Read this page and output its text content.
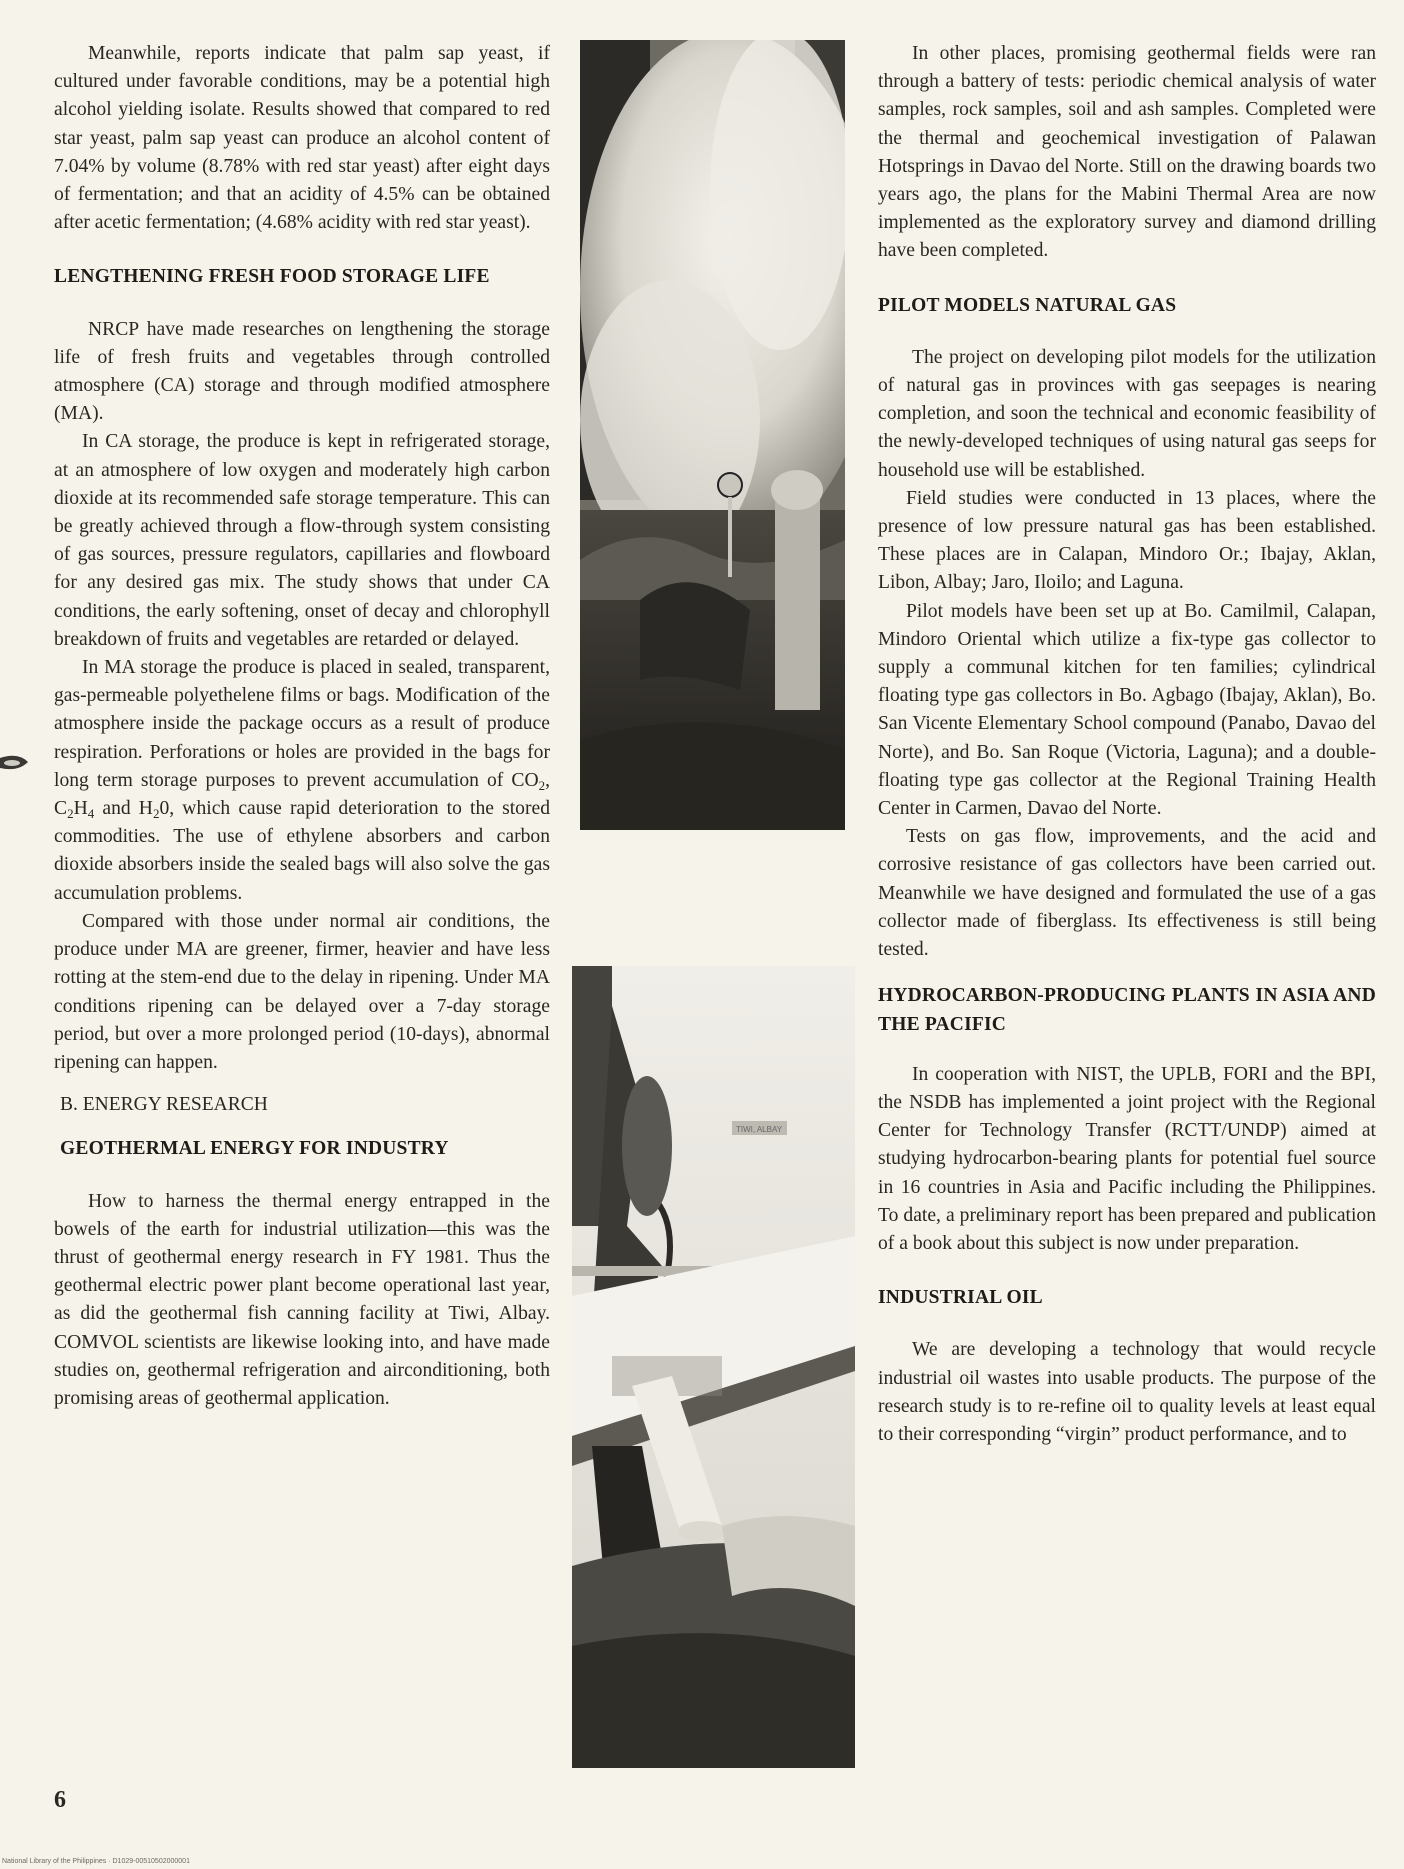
Meanwhile, reports indicate that palm sap yeast, if cultured under favorable conditions, may be a potential high alcohol yielding isolate. Results showed that compared to red star yeast, palm sap yeast can produce an alcohol content of 7.04% by volume (8.78% with red star yeast) after eight days of fermentation; and that an acidity of 4.5% can be obtained after acetic fermentation; (4.68% acidity with red star yeast).

LENGTHENING FRESH FOOD STORAGE LIFE

NRCP have made researches on lengthening the storage life of fresh fruits and vegetables through controlled atmosphere (CA) storage and through modified atmosphere (MA).

In CA storage, the produce is kept in refrigerated storage, at an atmosphere of low oxygen and moderately high carbon dioxide at its recommended safe storage temperature. This can be greatly achieved through a flow-through system consisting of gas sources, pressure regulators, capillaries and flowboard for any desired gas mix. The study shows that under CA conditions, the early softening, onset of decay and chlorophyll breakdown of fruits and vegetables are retarded or delayed.

In MA storage the produce is placed in sealed, transparent, gas-permeable polyethelene films or bags. Modification of the atmosphere inside the package occurs as a result of produce respiration. Perforations or holes are provided in the bags for long term storage purposes to prevent accumulation of $CO_2$, $C_2H_4$ and $H_20$, which cause rapid deterioration to the stored commodities. The use of ethylene absorbers and carbon dioxide absorbers inside the sealed bags will also solve the gas accumulation problems.

Compared with those under normal air conditions, the produce under MA are greener, firmer, heavier and have less rotting at the stem-end due to the delay in ripening. Under MA conditions ripening can be delayed over a 7-day storage period, but over a more prolonged period (10-days), abnormal ripening can happen.

B. ENERGY RESEARCH
GEOTHERMAL ENERGY FOR INDUSTRY

How to harness the thermal energy entrapped in the bowels of the earth for industrial utilization—this was the thrust of geothermal energy research in FY 1981. Thus the geothermal electric power plant become operational last year, as did the geothermal fish canning facility at Tiwi, Albay. COMVOL scientists are likewise looking into, and have made studies on, geothermal refrigeration and airconditioning, both promising areas of geothermal application.

TIWI, ALBAY

In other places, promising geothermal fields were ran through a battery of tests: periodic chemical analysis of water samples, rock samples, soil and ash samples. Completed were the thermal and geochemical investigation of Palawan Hotsprings in Davao del Norte. Still on the drawing boards two years ago, the plans for the Mabini Thermal Area are now implemented as the exploratory survey and diamond drilling have been completed.

PILOT MODELS NATURAL GAS

The project on developing pilot models for the utilization of natural gas in provinces with gas seepages is nearing completion, and soon the technical and economic feasibility of the newly-developed techniques of using natural gas seeps for household use will be established.

Field studies were conducted in 13 places, where the presence of low pressure natural gas has been established. These places are in Calapan, Mindoro Or.; Ibajay, Aklan, Libon, Albay; Jaro, Iloilo; and Laguna.

Pilot models have been set up at Bo. Camilmil, Calapan, Mindoro Oriental which utilize a fix-type gas collector to supply a communal kitchen for ten families; cylindrical floating type gas collectors in Bo. Agbago (Ibajay, Aklan), Bo. San Vicente Elementary School compound (Panabo, Davao del Norte), and Bo. San Roque (Victoria, Laguna); and a double-floating type gas collector at the Regional Training Health Center in Carmen, Davao del Norte.

Tests on gas flow, improvements, and the acid and corrosive resistance of gas collectors have been carried out. Meanwhile we have designed and formulated the use of a gas collector made of fiberglass. Its effectiveness is still being tested.

HYDROCARBON-PRODUCING PLANTS IN ASIA AND THE PACIFIC

In cooperation with NIST, the UPLB, FORI and the BPI, the NSDB has implemented a joint project with the Regional Center for Technology Transfer (RCTT/UNDP) aimed at studying hydrocarbon-bearing plants for potential fuel source in 16 countries in Asia and Pacific including the Philippines. To date, a preliminary report has been prepared and publication of a book about this subject is now under preparation.

INDUSTRIAL OIL

We are developing a technology that would recycle industrial oil wastes into usable products. The purpose of the research study is to re-refine oil to quality levels at least equal to their corresponding “virgin” product performance, and to

6
National Library of the Philippines · D1029-00510502000001
